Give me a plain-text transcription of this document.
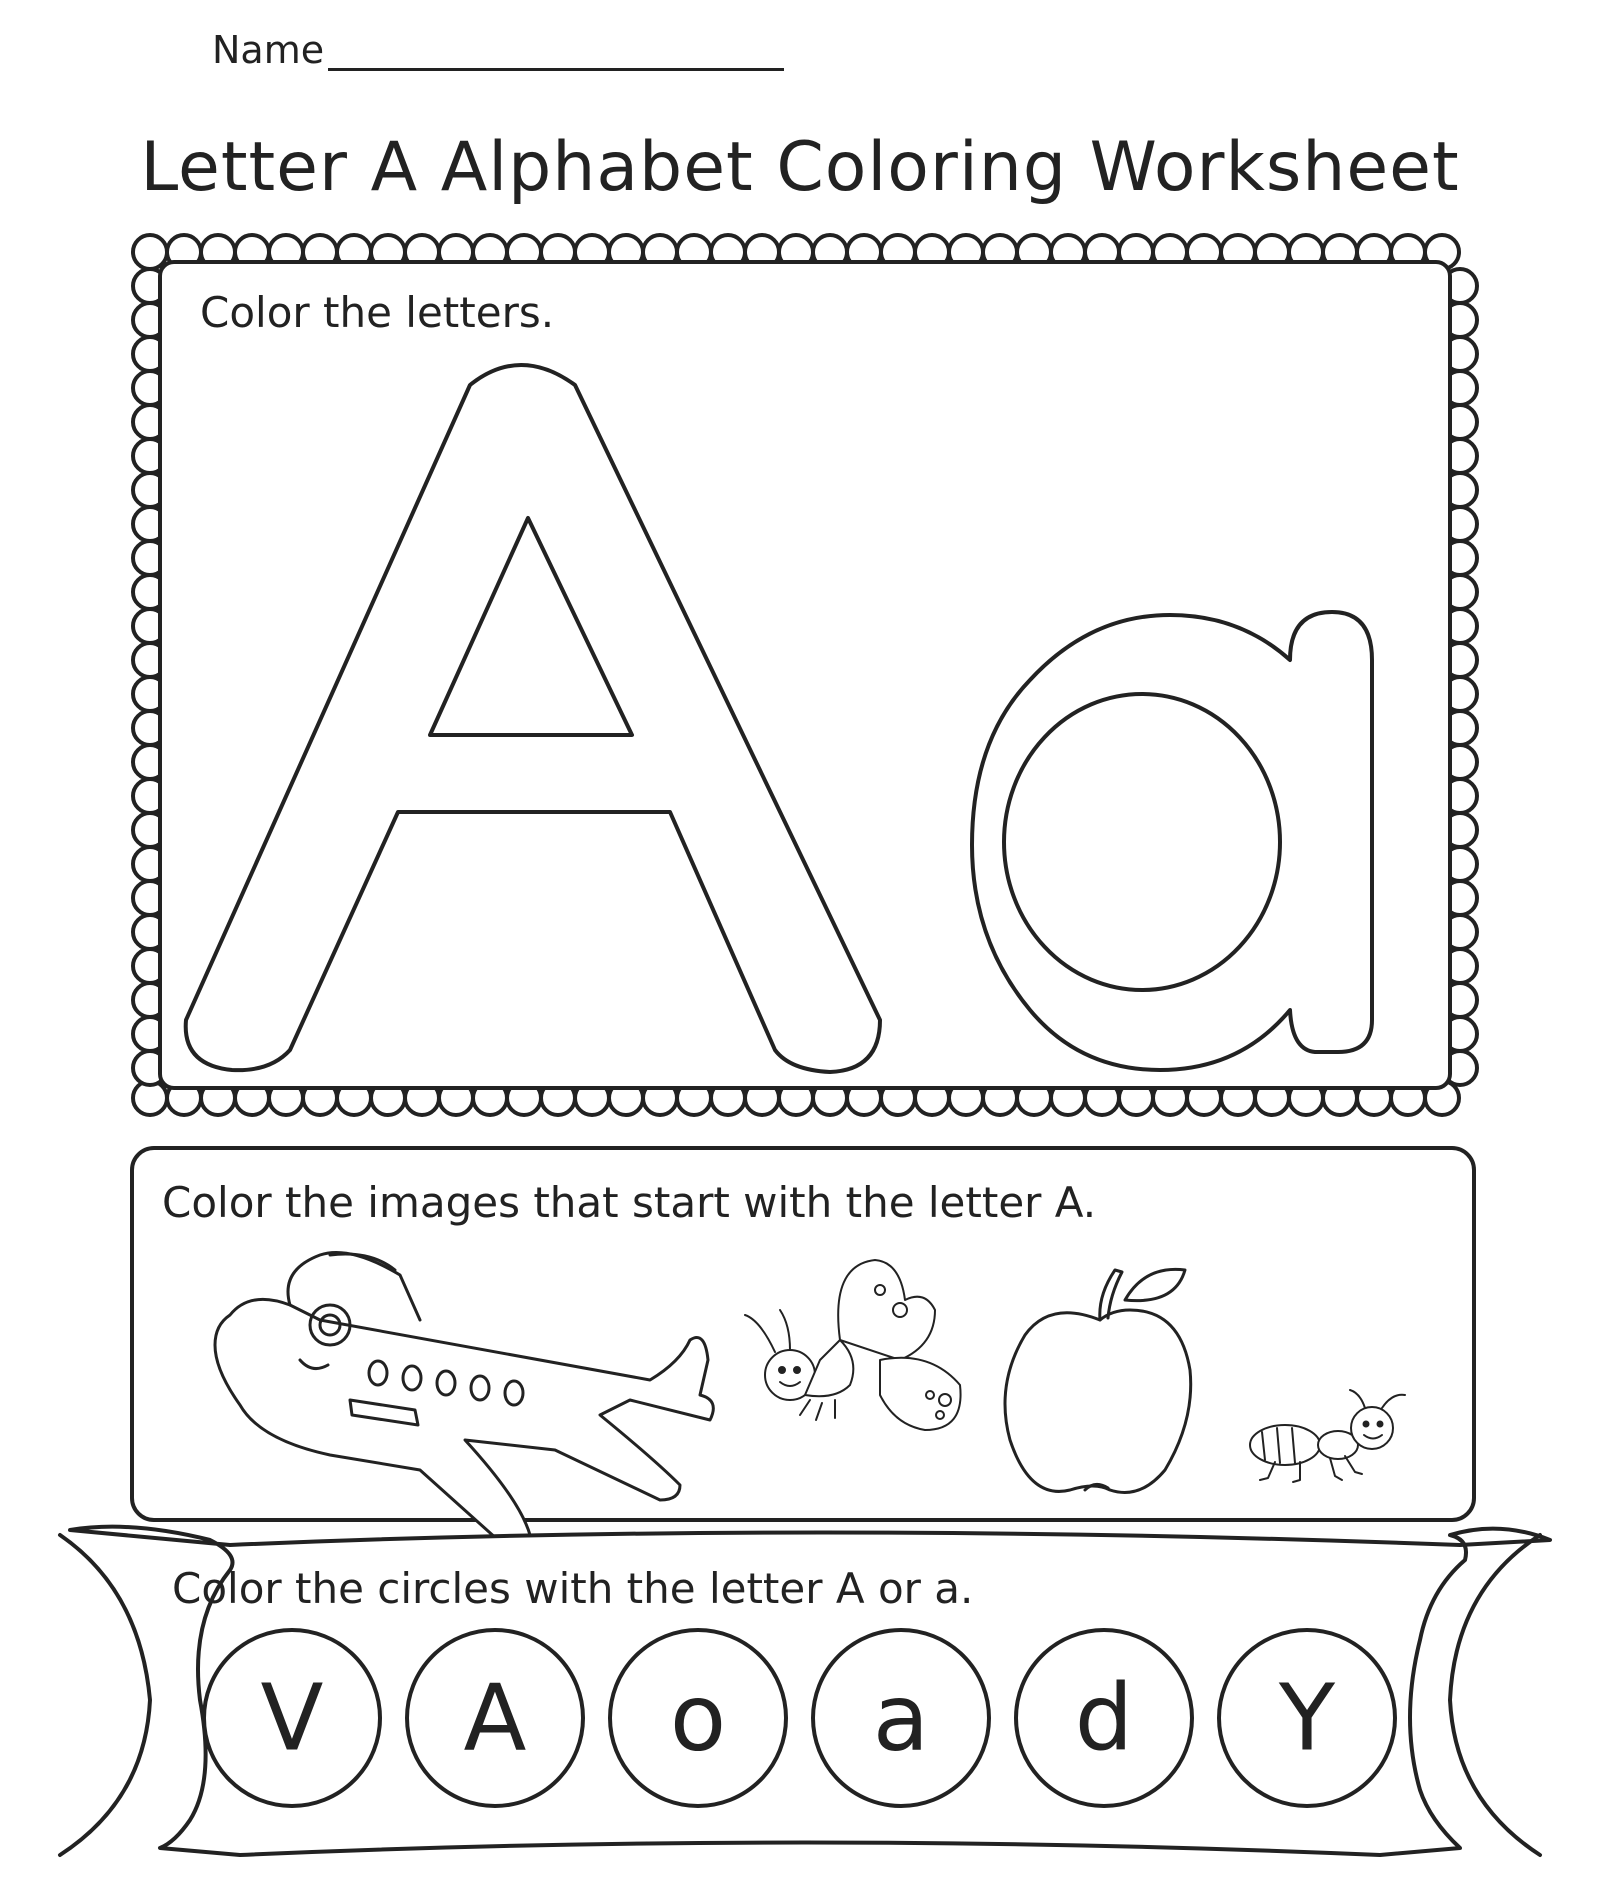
Name
Letter A Alphabet Coloring Worksheet
V A o a d Y
Color the letters.
Color the images that start with the letter A.
Color the circles with the letter A or a.
